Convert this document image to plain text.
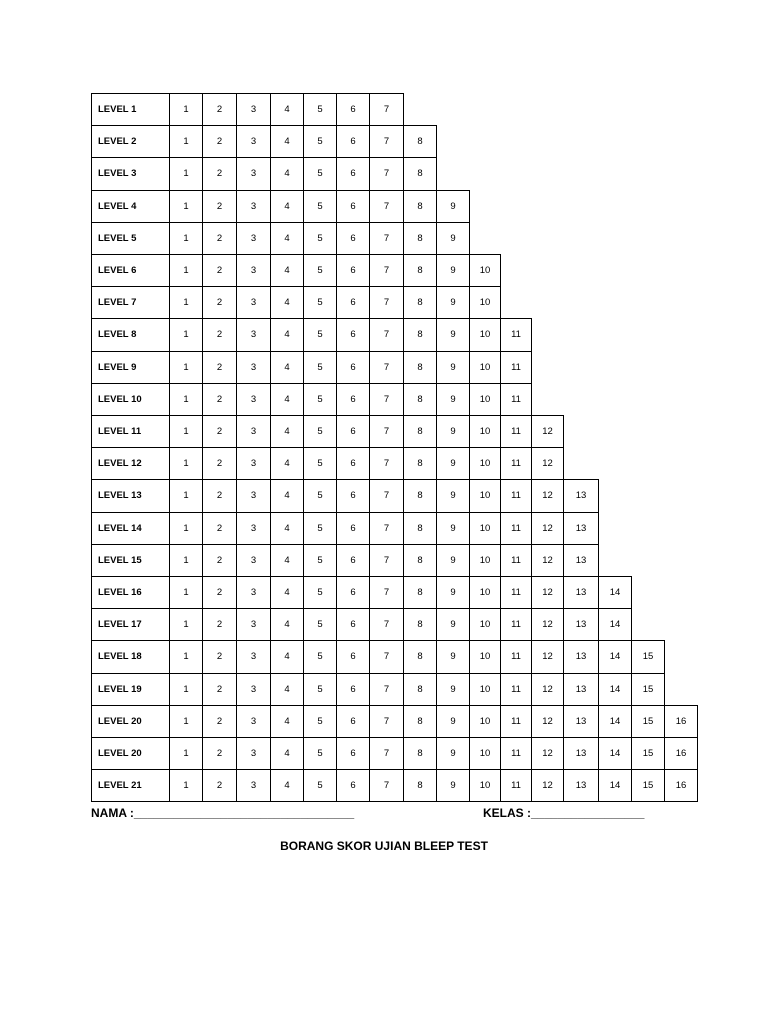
LEVEL 1	1	2	3	4	5	6	7
LEVEL 2	1	2	3	4	5	6	7	8
LEVEL 3	1	2	3	4	5	6	7	8
LEVEL 4	1	2	3	4	5	6	7	8	9
LEVEL 5	1	2	3	4	5	6	7	8	9
LEVEL 6	1	2	3	4	5	6	7	8	9	10
LEVEL 7	1	2	3	4	5	6	7	8	9	10
LEVEL 8	1	2	3	4	5	6	7	8	9	10	11
LEVEL 9	1	2	3	4	5	6	7	8	9	10	11
LEVEL 10	1	2	3	4	5	6	7	8	9	10	11
LEVEL 11	1	2	3	4	5	6	7	8	9	10	11	12
LEVEL 12	1	2	3	4	5	6	7	8	9	10	11	12
LEVEL 13	1	2	3	4	5	6	7	8	9	10	11	12	13
LEVEL 14	1	2	3	4	5	6	7	8	9	10	11	12	13
LEVEL 15	1	2	3	4	5	6	7	8	9	10	11	12	13
LEVEL 16	1	2	3	4	5	6	7	8	9	10	11	12	13	14
LEVEL 17	1	2	3	4	5	6	7	8	9	10	11	12	13	14
LEVEL 18	1	2	3	4	5	6	7	8	9	10	11	12	13	14	15
LEVEL 19	1	2	3	4	5	6	7	8	9	10	11	12	13	14	15
LEVEL 20	1	2	3	4	5	6	7	8	9	10	11	12	13	14	15	16
LEVEL 20	1	2	3	4	5	6	7	8	9	10	11	12	13	14	15	16
LEVEL 21	1	2	3	4	5	6	7	8	9	10	11	12	13	14	15	16
NAMA :_________________________________	KELAS :_________________
BORANG SKOR UJIAN BLEEP TEST
